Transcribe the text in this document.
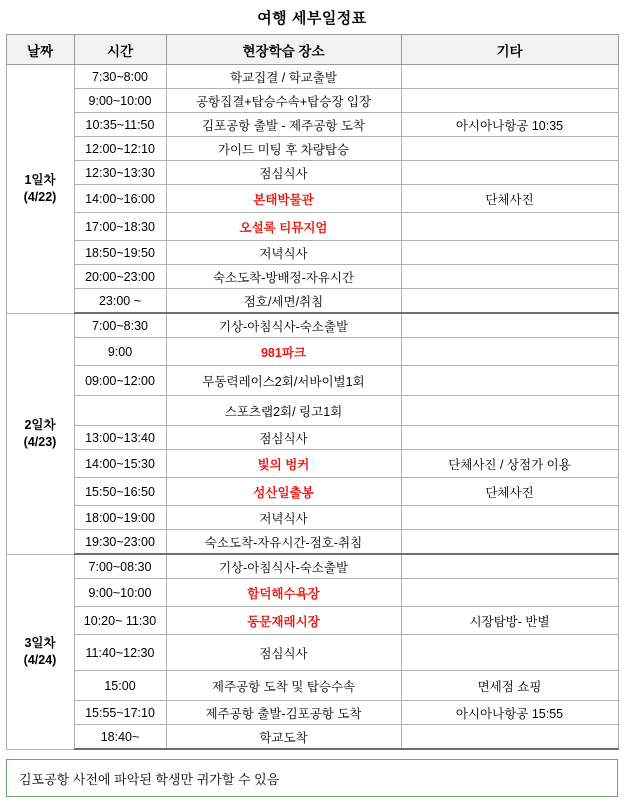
여행 세부일정표
날짜	시간	현장학습 장소	기타

1일차
(4/22)	7:30~8:00	학교집결 / 학교출발	
	9:00~10:00	공항집결+탑승수속+탑승장 입장	
	10:35~11:50	김포공항 출발 - 제주공항 도착	아시아나항공 10:35
	12:00~12:10	가이드 미팅 후 차량탑승	
	12:30~13:30	점심식사	
	14:00~16:00	본태박물관	단체사진
	17:00~18:30	오설록 티뮤지엄	
	18:50~19:50	저녁식사	
	20:00~23:00	숙소도착-방배정-자유시간	
	23:00 ~	점호/세면/취침	

2일차
(4/23)	7:00~8:30	기상-아침식사-숙소출발	
	9:00	981파크	
	09:00~12:00	무동력레이스2회/서바이벌1회	
		스포츠랩2회/ 링고1회	
	13:00~13:40	점심식사	
	14:00~15:30	빛의 벙커	단체사진 / 상점가 이용
	15:50~16:50	성산일출봉	단체사진
	18:00~19:00	저녁식사	
	19:30~23:00	숙소도착-자유시간-점호-취침	

3일차
(4/24)	7:00~08:30	기상-아침식사-숙소출발	
	9:00~10:00	함덕해수욕장	
	10:20~ 11:30	동문재래시장	시장탐방- 반별
	11:40~12:30	점심식사	
	15:00	제주공항 도착 및 탑승수속	면세점 쇼핑
	15:55~17:10	제주공항 출발-김포공항 도착	아시아나항공 15:55
	18:40~	학교도착	
김포공항 사전에 파악된 학생만 귀가할 수 있음
